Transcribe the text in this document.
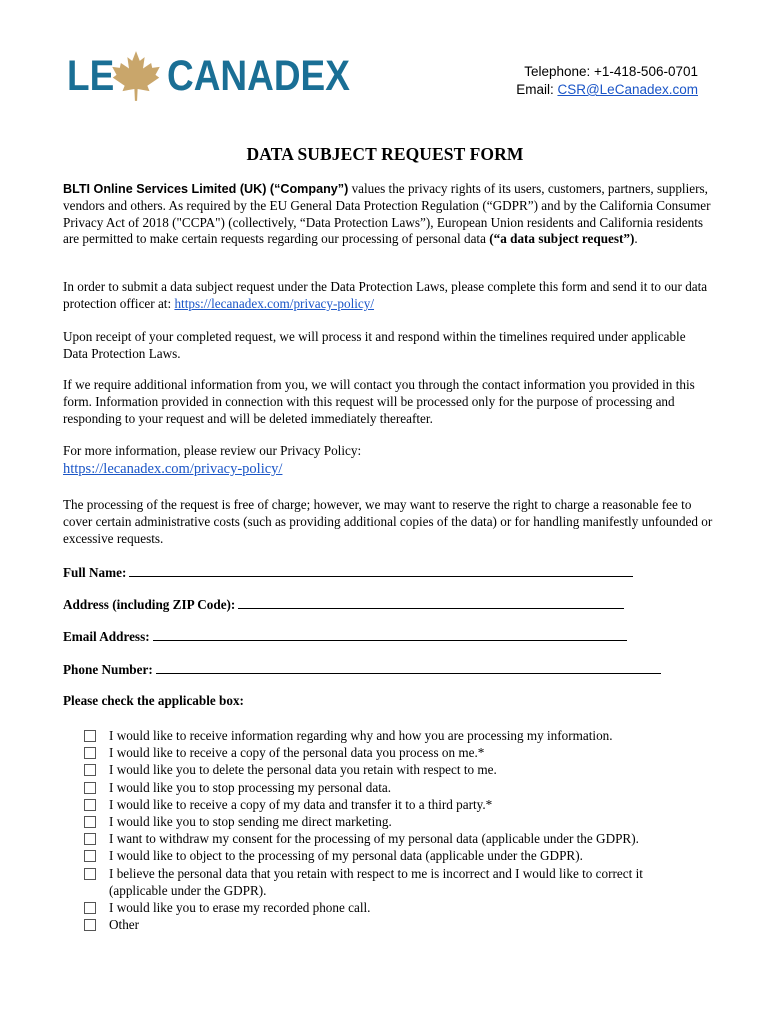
LE CANADEX	Telephone: +1-418-506-0701
Email: CSR@LeCanadex.com
DATA SUBJECT REQUEST FORM
BLTI Online Services Limited (UK) (“Company”) values the privacy rights of its users, customers, partners, suppliers, vendors and others. As required by the EU General Data Protection Regulation (“GDPR”) and by the California Consumer Privacy Act of 2018 ("CCPA") (collectively, “Data Protection Laws”), European Union residents and California residents are permitted to make certain requests regarding our processing of personal data (“a data subject request”).
In order to submit a data subject request under the Data Protection Laws, please complete this form and send it to our data protection officer at: https://lecanadex.com/privacy-policy/
Upon receipt of your completed request, we will process it and respond within the timelines required under applicable Data Protection Laws.
If we require additional information from you, we will contact you through the contact information you provided in this form. Information provided in connection with this request will be processed only for the purpose of processing and responding to your request and will be deleted immediately thereafter.
For more information, please review our Privacy Policy:
https://lecanadex.com/privacy-policy/
The processing of the request is free of charge; however, we may want to reserve the right to charge a reasonable fee to cover certain administrative costs (such as providing additional copies of the data) or for handling manifestly unfounded or excessive requests.
Full Name:
Address (including ZIP Code):
Email Address:
Phone Number:
Please check the applicable box:
I would like to receive information regarding why and how you are processing my information.
I would like to receive a copy of the personal data you process on me.*
I would like you to delete the personal data you retain with respect to me.
I would like you to stop processing my personal data.
I would like to receive a copy of my data and transfer it to a third party.*
I would like you to stop sending me direct marketing.
I want to withdraw my consent for the processing of my personal data (applicable under the GDPR).
I would like to object to the processing of my personal data (applicable under the GDPR).
I believe the personal data that you retain with respect to me is incorrect and I would like to correct it (applicable under the GDPR).
I would like you to erase my recorded phone call.
Other
